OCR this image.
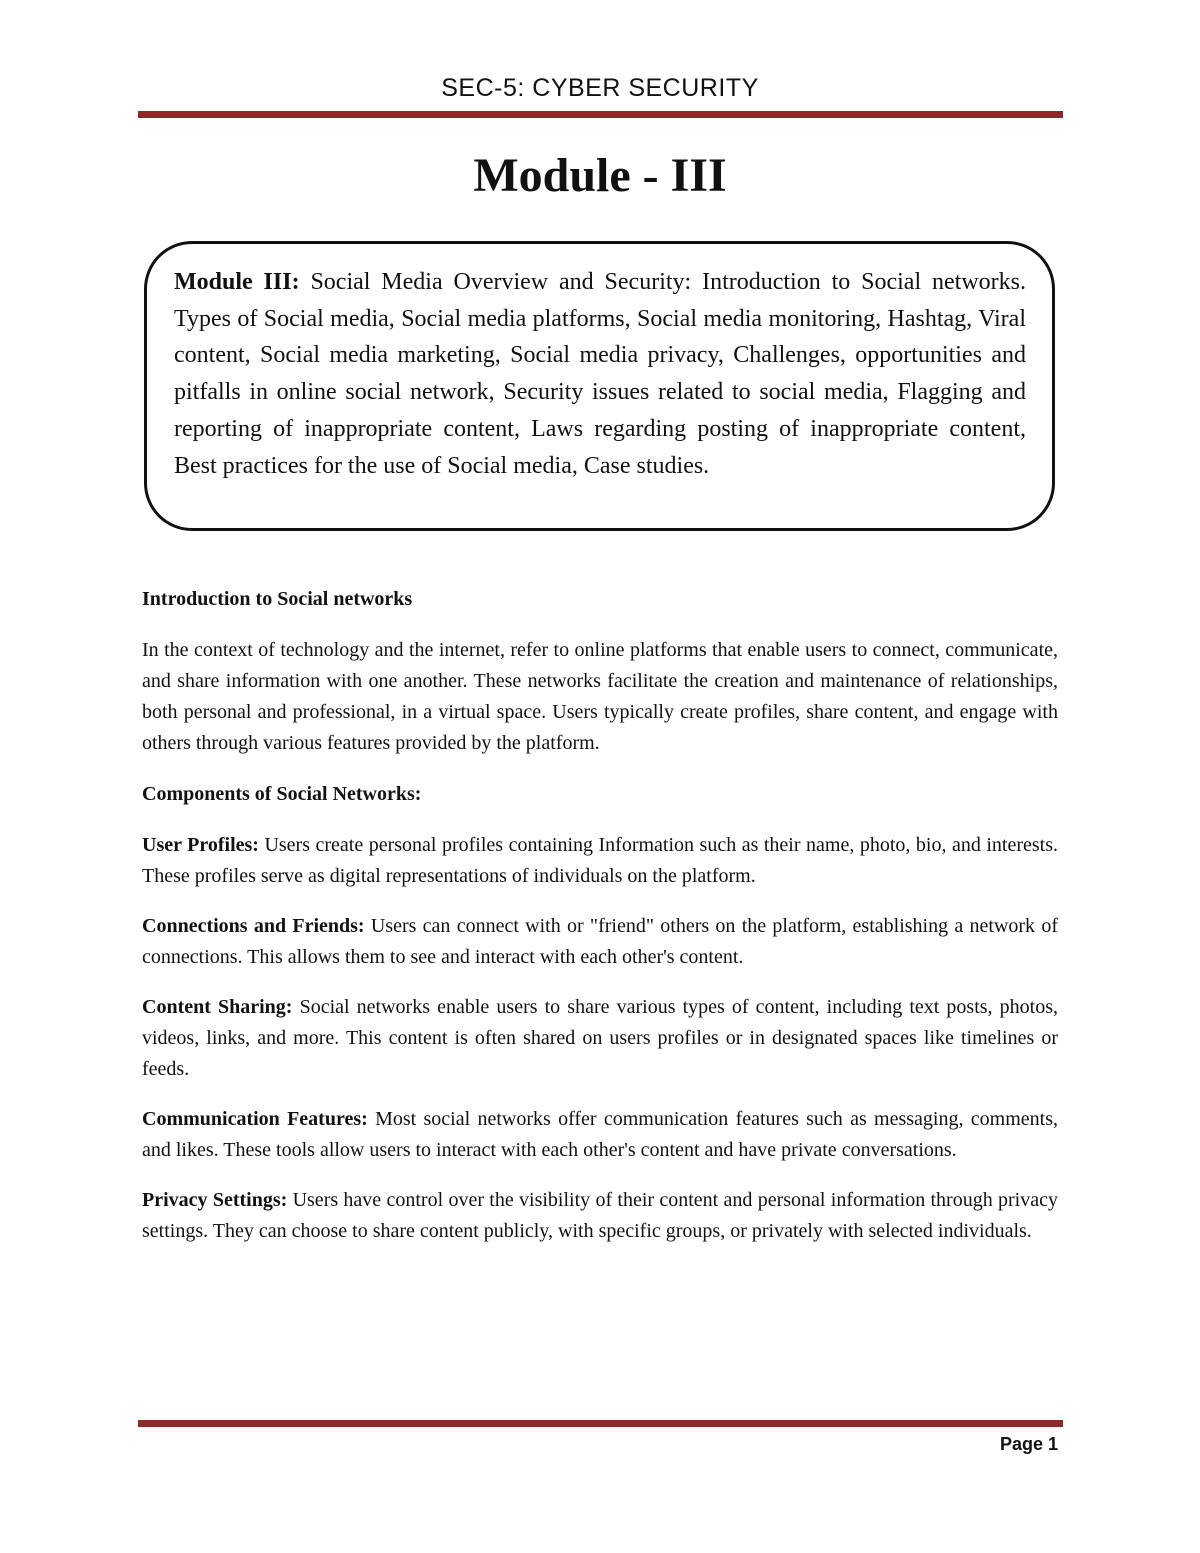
SEC-5: CYBER SECURITY
Module - III

Module III: Social Media Overview and Security: Introduction to Social networks. Types of Social media, Social media platforms, Social media monitoring, Hashtag, Viral content, Social media marketing, Social media privacy, Challenges, opportunities and pitfalls in online social network, Security issues related to social media, Flagging and reporting of inappropriate content, Laws regarding posting of inappropriate content, Best practices for the use of Social media, Case studies.

Introduction to Social networks

In the context of technology and the internet, refer to online platforms that enable users to connect, communicate, and share information with one another. These networks facilitate the creation and maintenance of relationships, both personal and professional, in a virtual space. Users typically create profiles, share content, and engage with others through various features provided by the platform.

Components of Social Networks:

User Profiles: Users create personal profiles containing Information such as their name, photo, bio, and interests. These profiles serve as digital representations of individuals on the platform.

Connections and Friends: Users can connect with or "friend" others on the platform, establishing a network of connections. This allows them to see and interact with each other's content.

Content Sharing: Social networks enable users to share various types of content, including text posts, photos, videos, links, and more. This content is often shared on users profiles or in designated spaces like timelines or feeds.

Communication Features: Most social networks offer communication features such as messaging, comments, and likes. These tools allow users to interact with each other's content and have private conversations.

Privacy Settings: Users have control over the visibility of their content and personal information through privacy settings. They can choose to share content publicly, with specific groups, or privately with selected individuals.

Page 1
